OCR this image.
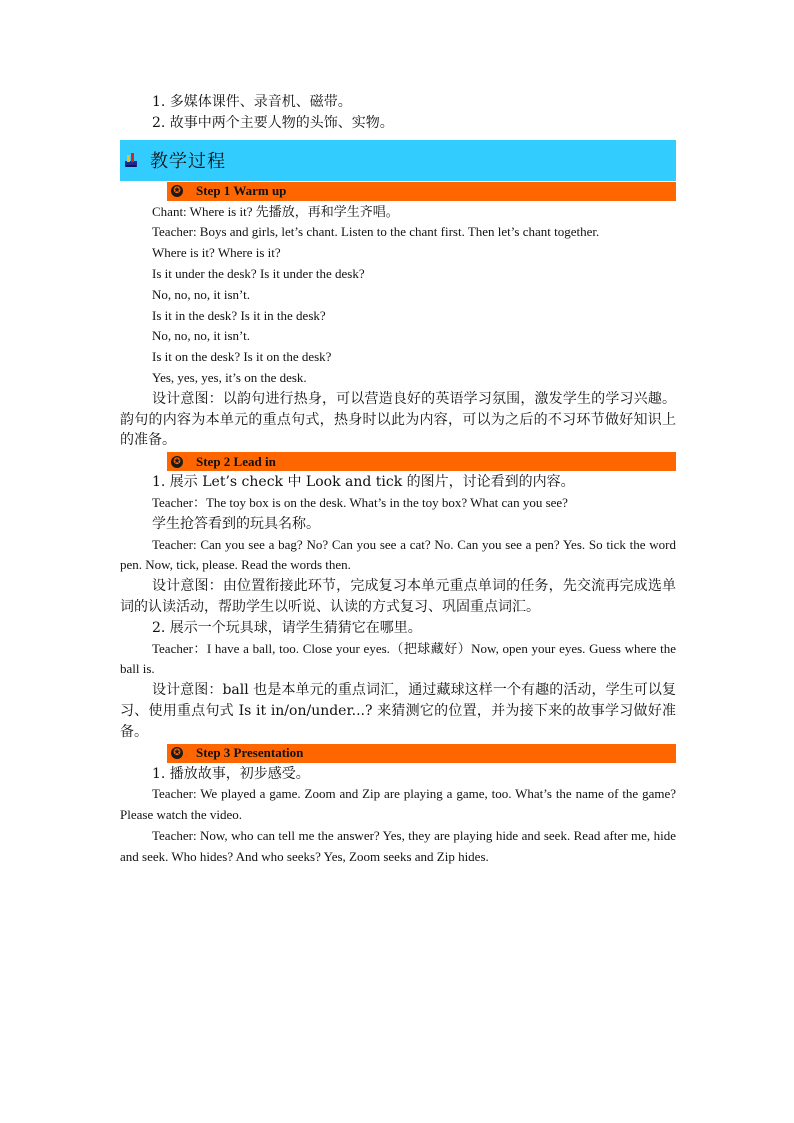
1. 多媒体课件、录音机、磁带。

2. 故事中两个主要人物的头饰、实物。

教学过程
✪ Step 1 Warm up

Chant: Where is it? 先播放，再和学生齐唱。

Teacher: Boys and girls, let’s chant. Listen to the chant first. Then let’s chant together.

Where is it? Where is it?

Is it under the desk? Is it under the desk?

No, no, no, it isn’t.

Is it in the desk? Is it in the desk?

No, no, no, it isn’t.

Is it on the desk? Is it on the desk?

Yes, yes, yes, it’s on the desk.

设计意图：以韵句进行热身，可以营造良好的英语学习氛围，激发学生的学习兴趣。韵句的内容为本单元的重点句式，热身时以此为内容，可以为之后的不习环节做好知识上的准备。

✪ Step 2 Lead in

1. 展示 Let’s check 中 Look and tick 的图片，讨论看到的内容。

Teacher：The toy box is on the desk. What’s in the toy box? What can you see?

学生抢答看到的玩具名称。

Teacher: Can you see a bag? No? Can you see a cat? No. Can you see a pen? Yes. So tick the word pen. Now, tick, please. Read the words then.

设计意图：由位置衔接此环节，完成复习本单元重点单词的任务，先交流再完成选单词的认读活动，帮助学生以听说、认读的方式复习、巩固重点词汇。

2. 展示一个玩具球，请学生猜猜它在哪里。

Teacher：I have a ball, too. Close your eyes.（把球藏好）Now, open your eyes. Guess where the ball is.

设计意图：ball 也是本单元的重点词汇，通过藏球这样一个有趣的活动，学生可以复习、使用重点句式 Is it in/on/under...? 来猜测它的位置，并为接下来的故事学习做好准备。

✪ Step 3 Presentation

1. 播放故事，初步感受。

Teacher: We played a game. Zoom and Zip are playing a game, too. What’s the name of the game? Please watch the video.

Teacher: Now, who can tell me the answer? Yes, they are playing hide and seek. Read after me, hide and seek. Who hides? And who seeks? Yes, Zoom seeks and Zip hides.
